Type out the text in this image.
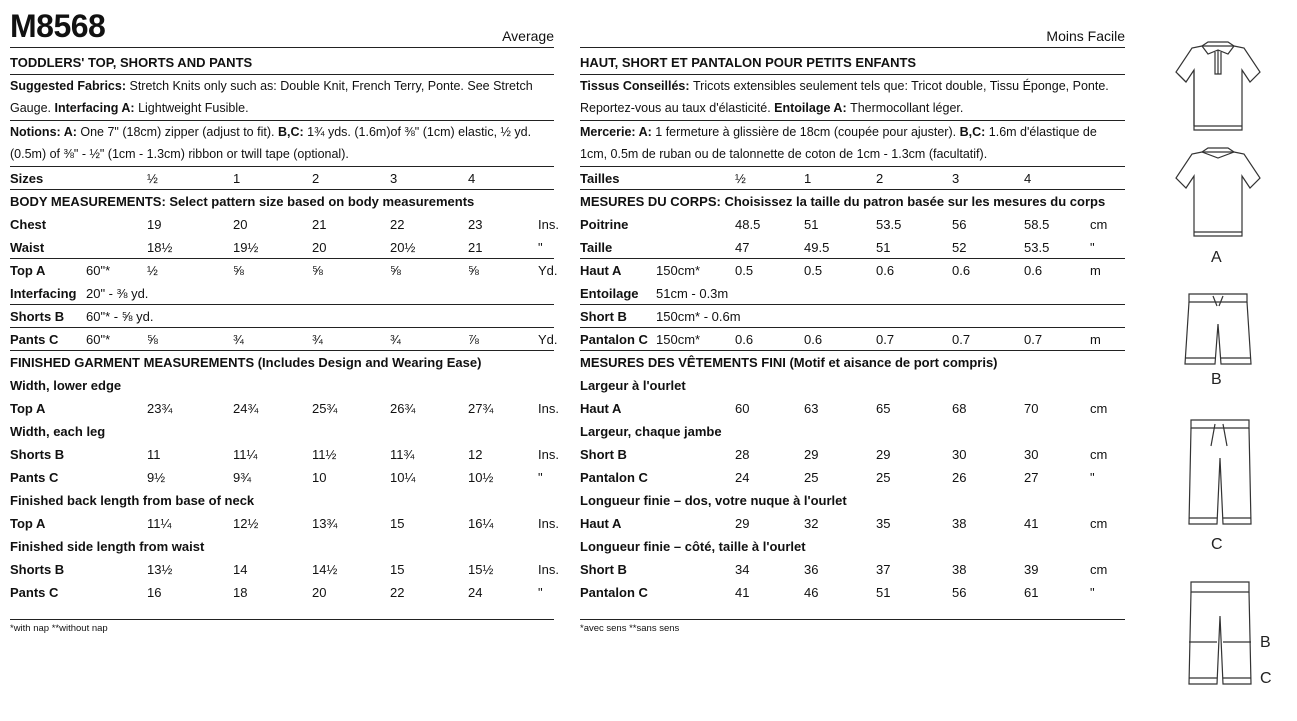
M8568	Average
TODDLERS' TOP, SHORTS AND PANTS
Suggested Fabrics: Stretch Knits only such as: Double Knit, French Terry, Ponte. See Stretch Gauge. Interfacing A: Lightweight Fusible.
Notions: A: One 7" (18cm) zipper (adjust to fit). B,C: 1¾ yds. (1.6m)of ⅜" (1cm) elastic, ½ yd. (0.5m) of ⅜" - ½" (1cm - 1.3cm) ribbon or twill tape (optional).
Sizes	½	1	2	3	4
BODY MEASUREMENTS: Select pattern size based on body measurements
Chest	19	20	21	22	23	Ins.
Waist	18½	19½	20	20½	21	"
Top A	60"*	½	⅝	⅝	⅝	⅝	Yd.
Interfacing 20" - ⅜ yd.
Shorts B 60"* - ⅝ yd.
Pants C 60"*	⅝	¾	¾	¾	⅞	Yd.
FINISHED GARMENT MEASUREMENTS (Includes Design and Wearing Ease)
Width, lower edge
Top A	23¾	24¾	25¾	26¾	27¾	Ins.
Width, each leg
Shorts B	11	11¼	11½	11¾	12	Ins.
Pants C	9½	9¾	10	10¼	10½	"
Finished back length from base of neck
Top A	11¼	12½	13¾	15	16¼	Ins.
Finished side length from waist
Shorts B	13½	14	14½	15	15½	Ins.
Pants C	16	18	20	22	24	"
*with nap **without nap
Moins Facile
HAUT, SHORT ET PANTALON POUR PETITS ENFANTS
Tissus Conseillés: Tricots extensibles seulement tels que: Tricot double, Tissu Éponge, Ponte. Reportez-vous au taux d'élasticité. Entoilage A: Thermocollant léger.
Mercerie: A: 1 fermeture à glissière de 18cm (coupée pour ajuster). B,C: 1.6m d'élastique de 1cm, 0.5m de ruban ou de talonnette de coton de 1cm - 1.3cm (facultatif).
Tailles	½	1	2	3	4
MESURES DU CORPS: Choisissez la taille du patron basée sur les mesures du corps
Poitrine	48.5	51	53.5	56	58.5	cm
Taille	47	49.5	51	52	53.5	"
Haut A	150cm*	0.5	0.5	0.6	0.6	0.6	m
Entoilage 51cm - 0.3m
Short B 150cm* - 0.6m
Pantalon C 150cm*	0.6	0.6	0.7	0.7	0.7	m
MESURES DES VÊTEMENTS FINI (Motif et aisance de port compris)
Largeur à l'ourlet
Haut A	60	63	65	68	70	cm
Largeur, chaque jambe
Short B	28	29	29	30	30	cm
Pantalon C	24	25	25	26	27	"
Longueur finie – dos, votre nuque à l'ourlet
Haut A	29	32	35	38	41	cm
Longueur finie – côté, taille à l'ourlet
Short B	34	36	37	38	39	cm
Pantalon C	41	46	51	56	61	"
*avec sens **sans sens
A
B
C
B
C
